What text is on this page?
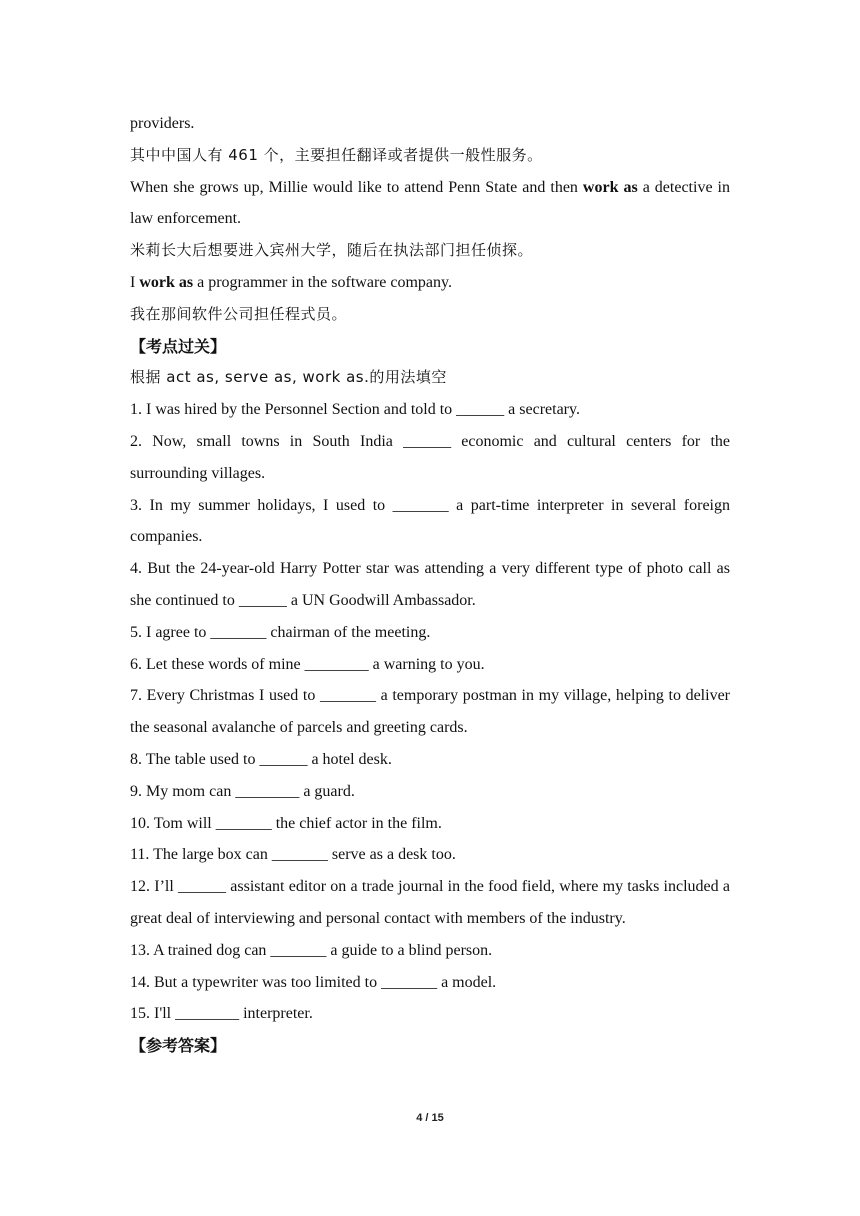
providers.

其中中国人有 461 个，主要担任翻译或者提供一般性服务。

When she grows up, Millie would like to attend Penn State and then work as a detective in law enforcement.

米莉长大后想要进入宾州大学，随后在执法部门担任侦探。

I work as a programmer in the software company.

我在那间软件公司担任程式员。

【考点过关】

根据 act as, serve as, work as.的用法填空

1. I was hired by the Personnel Section and told to ______ a secretary.

2. Now, small towns in South India ______ economic and cultural centers for the surrounding villages.

3. In my summer holidays, I used to _______ a part-time interpreter in several foreign companies.

4. But the 24-year-old Harry Potter star was attending a very different type of photo call as she continued to ______ a UN Goodwill Ambassador.

5. I agree to _______ chairman of the meeting.

6. Let these words of mine ________ a warning to you.

7. Every Christmas I used to _______ a temporary postman in my village, helping to deliver the seasonal avalanche of parcels and greeting cards.

8. The table used to ______ a hotel desk.

9. My mom can ________ a guard.

10. Tom will _______ the chief actor in the film.

11. The large box can _______ serve as a desk too.

12. I’ll ______ assistant editor on a trade journal in the food field, where my tasks included a great deal of interviewing and personal contact with members of the industry.

13. A trained dog can _______ a guide to a blind person.

14. But a typewriter was too limited to _______ a model.

15. I'll ________ interpreter.

【参考答案】

4 / 15
